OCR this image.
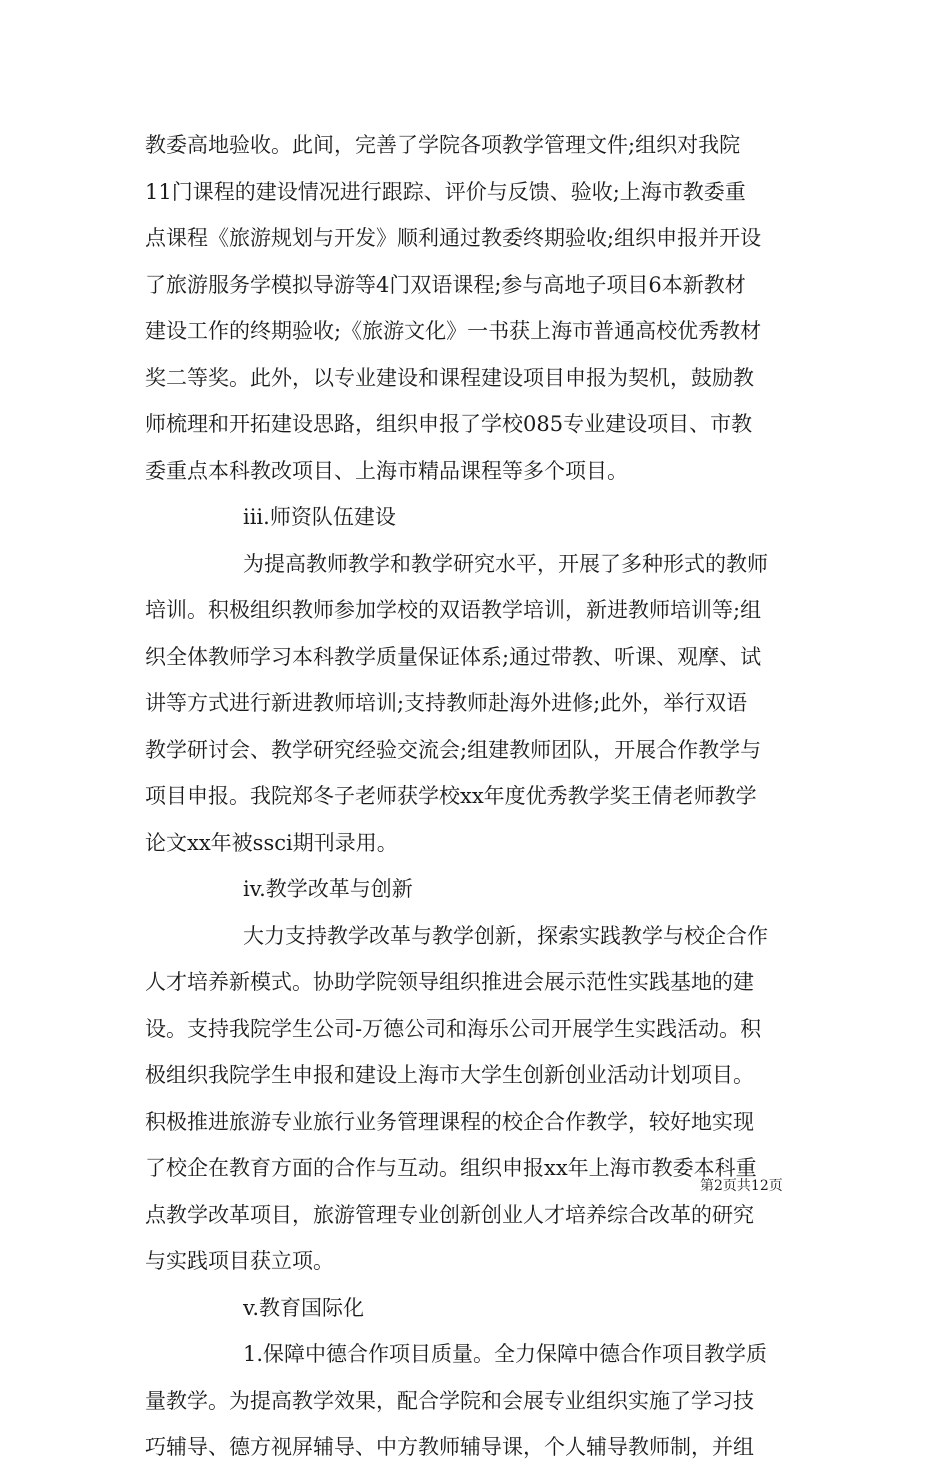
教委高地验收。此间，完善了学院各项教学管理文件;组织对我院
11门课程的建设情况进行跟踪、评价与反馈、验收;上海市教委重
点课程《旅游规划与开发》顺利通过教委终期验收;组织申报并开设
了旅游服务学模拟导游等4门双语课程;参与高地子项目6本新教材
建设工作的终期验收;《旅游文化》一书获上海市普通高校优秀教材
奖二等奖。此外，以专业建设和课程建设项目申报为契机，鼓励教
师梳理和开拓建设思路，组织申报了学校085专业建设项目、市教
委重点本科教改项目、上海市精品课程等多个项目。
iii.师资队伍建设
为提高教师教学和教学研究水平，开展了多种形式的教师
培训。积极组织教师参加学校的双语教学培训，新进教师培训等;组
织全体教师学习本科教学质量保证体系;通过带教、听课、观摩、试
讲等方式进行新进教师培训;支持教师赴海外进修;此外，举行双语
教学研讨会、教学研究经验交流会;组建教师团队，开展合作教学与
项目申报。我院郑冬子老师获学校xx年度优秀教学奖王倩老师教学
论文xx年被ssci期刊录用。
iv.教学改革与创新
大力支持教学改革与教学创新，探索实践教学与校企合作
人才培养新模式。协助学院领导组织推进会展示范性实践基地的建
设。支持我院学生公司-万德公司和海乐公司开展学生实践活动。积
极组织我院学生申报和建设上海市大学生创新创业活动计划项目。
积极推进旅游专业旅行业务管理课程的校企合作教学，较好地实现
了校企在教育方面的合作与互动。组织申报xx年上海市教委本科重
点教学改革项目，旅游管理专业创新创业人才培养综合改革的研究
与实践项目获立项。
v.教育国际化
1.保障中德合作项目质量。全力保障中德合作项目教学质
量教学。为提高教学效果，配合学院和会展专业组织实施了学习技
巧辅导、德方视屏辅导、中方教师辅导课，个人辅导教师制，并组
第2页共12页
